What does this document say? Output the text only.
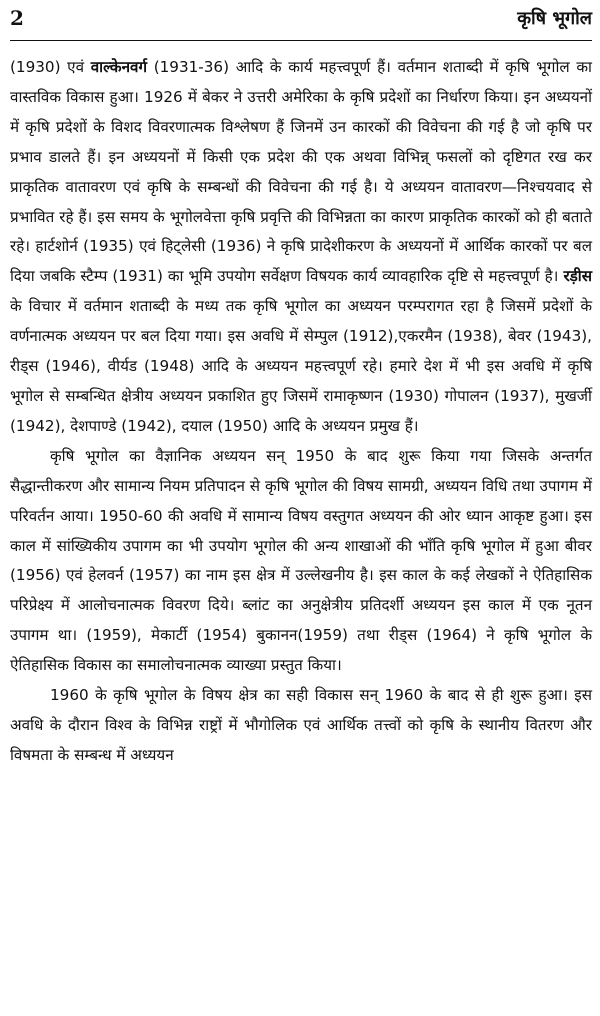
2	कृषि भूगोल

(1930) एवं वाल्केनवर्ग (1931-36) आदि के कार्य महत्त्वपूर्ण हैं। वर्तमान शताब्दी में कृषि भूगोल का वास्तविक विकास हुआ। 1926 में बेकर ने उत्तरी अमेरिका के कृषि प्रदेशों का निर्धारण किया। इन अध्ययनों में कृषि प्रदेशों के विशद विवरणात्मक विश्लेषण हैं जिनमें उन कारकों की विवेचना की गई है जो कृषि पर प्रभाव डालते हैं। इन अध्ययनों में किसी एक प्रदेश की एक अथवा विभिन्न् फसलों को दृष्टिगत रख कर प्राकृतिक वातावरण एवं कृषि के सम्बन्धों की विवेचना की गई है। ये अध्ययन वातावरण—निश्चयवाद से प्रभावित रहे हैं। इस समय के भूगोलवेत्ता कृषि प्रवृत्ति की विभिन्नता का कारण प्राकृतिक कारकों को ही बताते रहे। हार्टशोर्न (1935) एवं हिट्लेसी (1936) ने कृषि प्रादेशीकरण के अध्ययनों में आर्थिक कारकों पर बल दिया जबकि स्टैम्प (1931) का भूमि उपयोग सर्वेक्षण विषयक कार्य व्यावहारिक दृष्टि से महत्त्वपूर्ण है। रड़ीस के विचार में वर्तमान शताब्दी के मध्य तक कृषि भूगोल का अध्ययन परम्परागत रहा है जिसमें प्रदेशों के वर्णनात्मक अध्ययन पर बल दिया गया। इस अवधि में सेम्पुल (1912),एकरमैन (1938), बेवर (1943), रीड्स (1946), वीर्यड (1948) आदि के अध्ययन महत्त्वपूर्ण रहे। हमारे देश में भी इस अवधि में कृषि भूगोल से सम्बन्धित क्षेत्रीय अध्ययन प्रकाशित हुए जिसमें रामाकृष्णन (1930) गोपालन (1937), मुखर्जी (1942), देशपाण्डे (1942), दयाल (1950) आदि के अध्ययन प्रमुख हैं।

कृषि भूगोल का वैज्ञानिक अध्ययन सन् 1950 के बाद शुरू किया गया जिसके अन्तर्गत सैद्धान्तीकरण और सामान्य नियम प्रतिपादन से कृषि भूगोल की विषय सामग्री, अध्ययन विधि तथा उपागम में परिवर्तन आया। 1950-60 की अवधि में सामान्य विषय वस्तुगत अध्ययन की ओर ध्यान आकृष्ट हुआ। इस काल में सांख्यिकीय उपागम का भी उपयोग भूगोल की अन्य शाखाओं की भाँति कृषि भूगोल में हुआ बीवर (1956) एवं हेलवर्न (1957) का नाम इस क्षेत्र में उल्लेखनीय है। इस काल के कई लेखकों ने ऐतिहासिक परिप्रेक्ष्य में आलोचनात्मक विवरण दिये। ब्लांट का अनुक्षेत्रीय प्रतिदर्शी अध्ययन इस काल में एक नूतन उपागम था। (1959), मेकार्टी (1954) बुकानन(1959) तथा रीड्स (1964) ने कृषि भूगोल के ऐतिहासिक विकास का समालोचनात्मक व्याख्या प्रस्तुत किया।

1960 के कृषि भूगोल के विषय क्षेत्र का सही विकास सन् 1960 के बाद से ही शुरू हुआ। इस अवधि के दौरान विश्व के विभिन्न राष्ट्रों में भौगोलिक एवं आर्थिक तत्त्वों को कृषि के स्थानीय वितरण और विषमता के सम्बन्ध में अध्ययन
